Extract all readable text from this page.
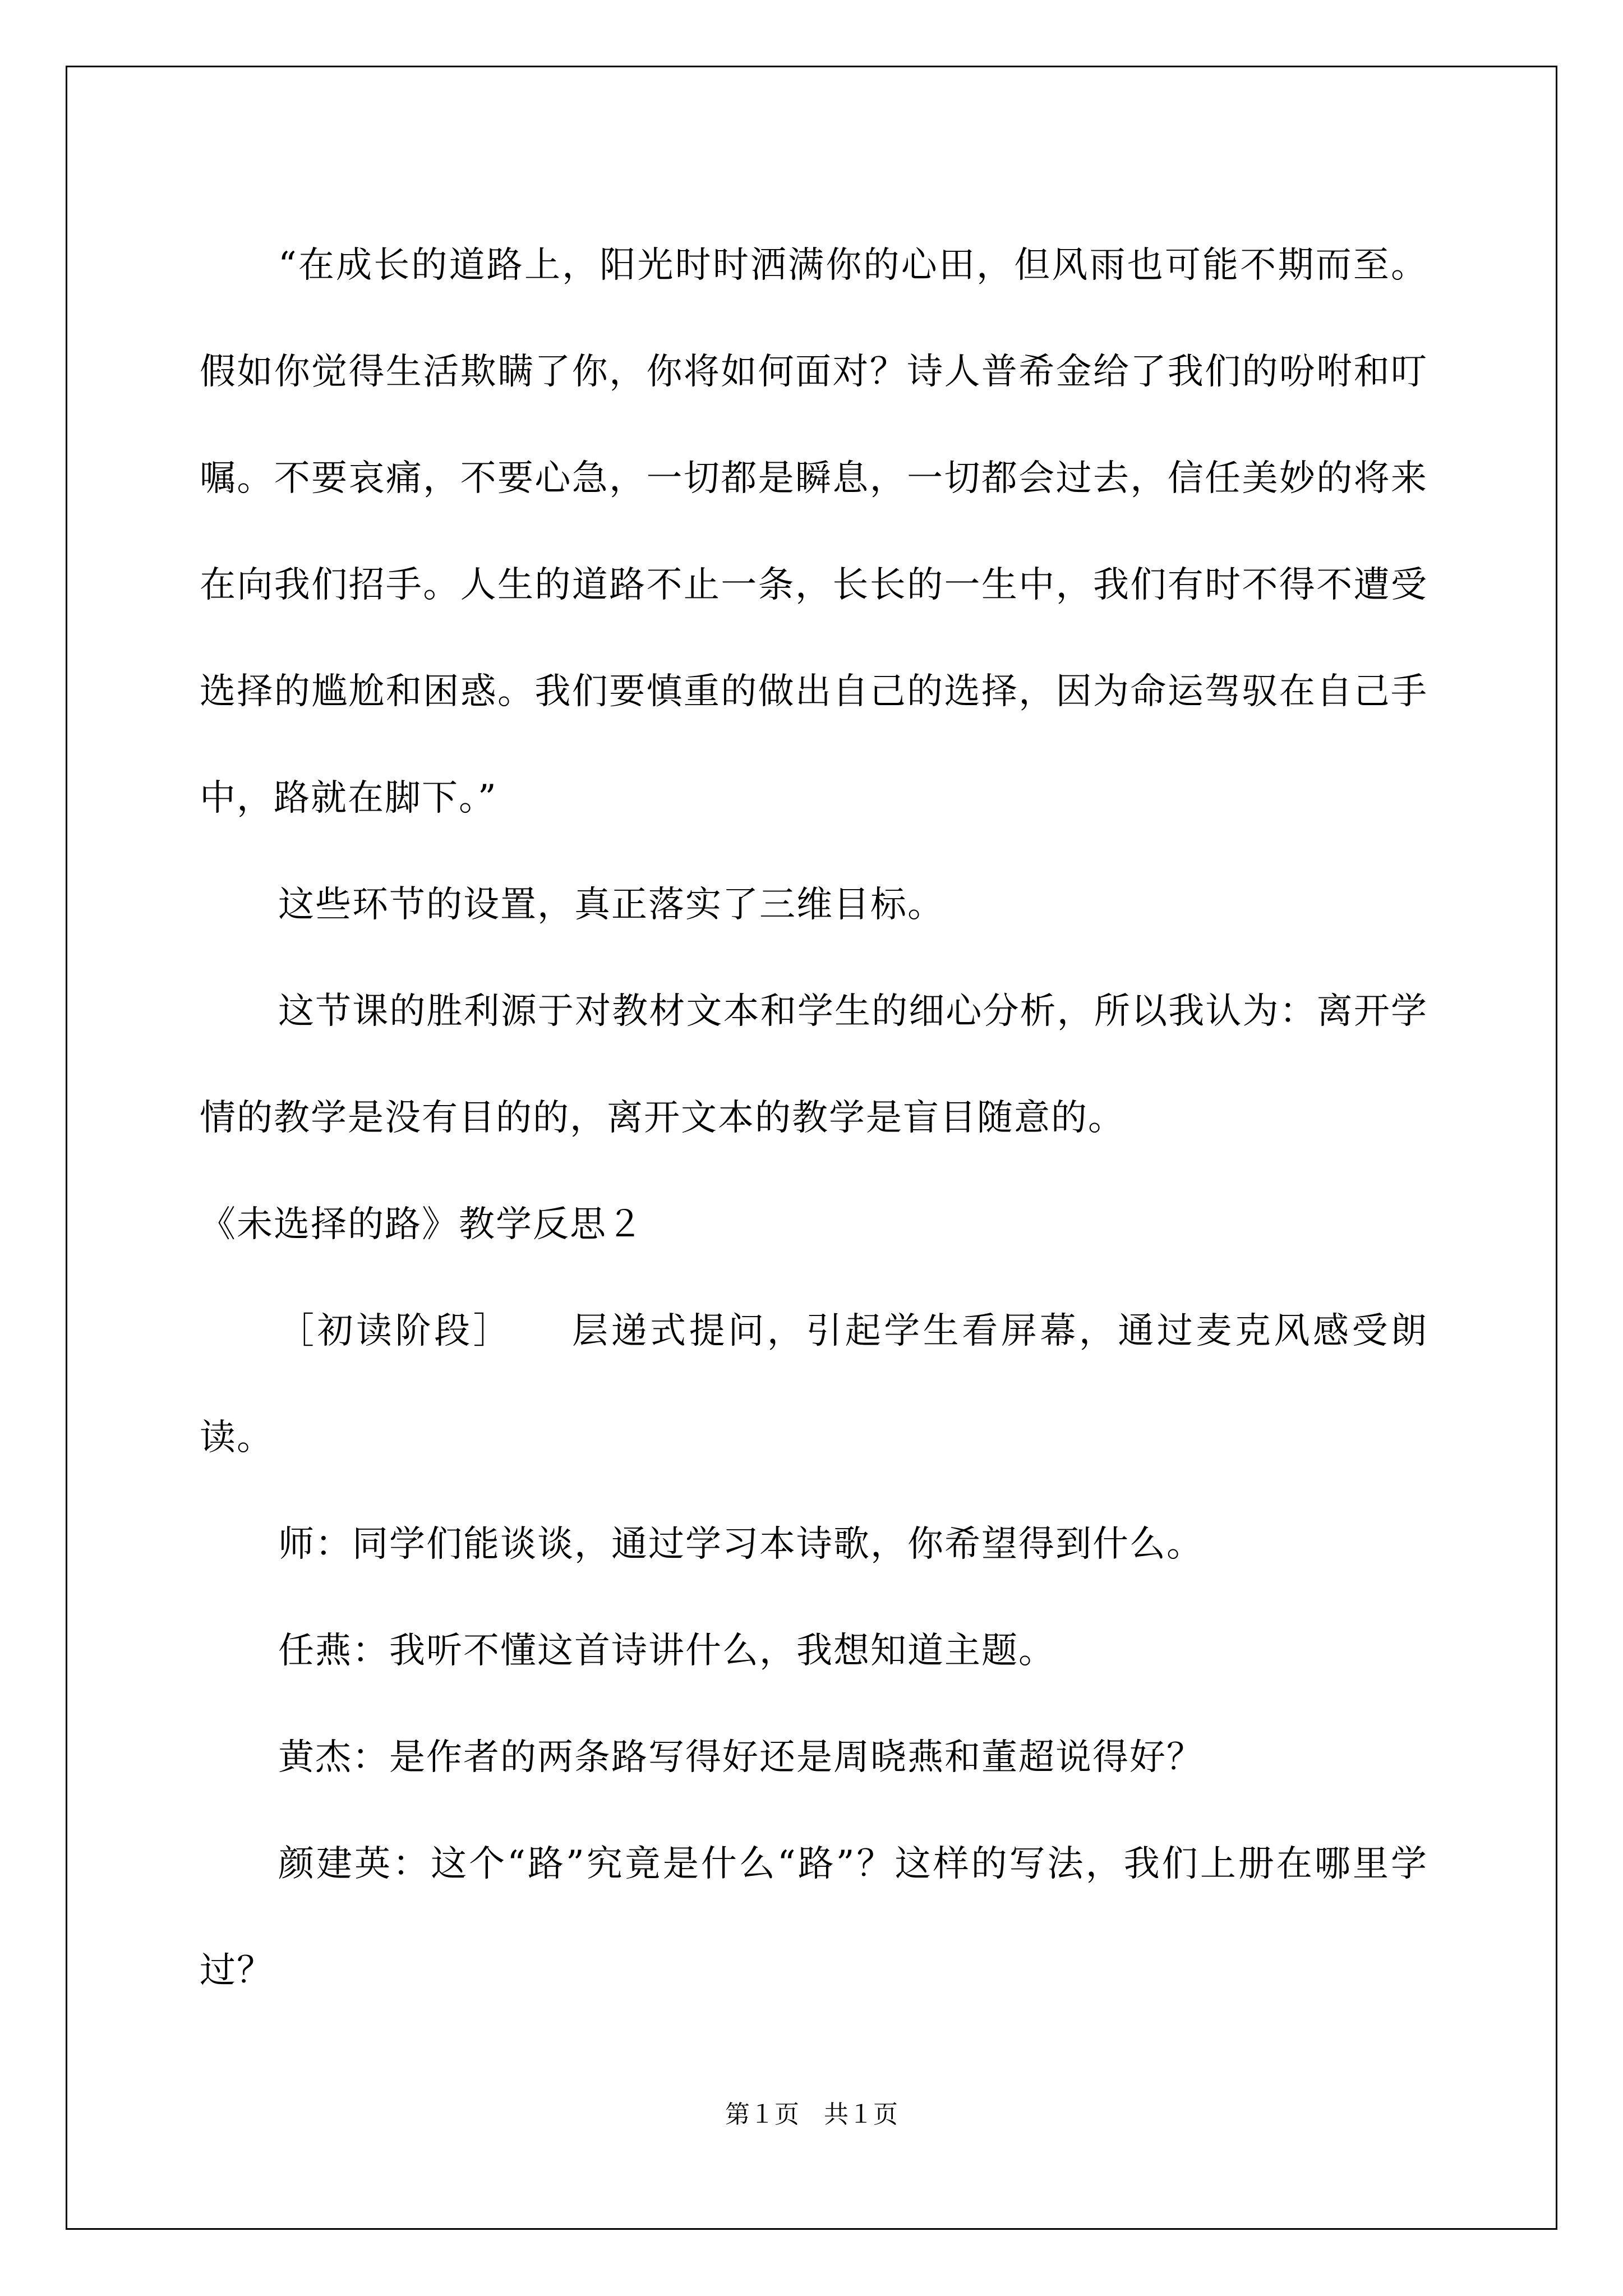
“在成长的道路上，阳光时时洒满你的心田，但风雨也可能不期而至。假如你觉得生活欺瞒了你，你将如何面对？诗人普希金给了我们的吩咐和叮嘱。不要哀痛，不要心急，一切都是瞬息，一切都会过去，信任美妙的将来在向我们招手。人生的道路不止一条，长长的一生中，我们有时不得不遭受选择的尴尬和困惑。我们要慎重的做出自己的选择，因为命运驾驭在自己手中，路就在脚下。”

这些环节的设置，真正落实了三维目标。

这节课的胜利源于对教材文本和学生的细心分析，所以我认为：离开学情的教学是没有目的的，离开文本的教学是盲目随意的。

《未选择的路》教学反思２

［初读阶段］　　层递式提问，引起学生看屏幕，通过麦克风感受朗读。

师：同学们能谈谈，通过学习本诗歌，你希望得到什么。

任燕：我听不懂这首诗讲什么，我想知道主题。

黄杰：是作者的两条路写得好还是周晓燕和董超说得好？

颜建英：这个“路”究竟是什么“路”？这样的写法，我们上册在哪里学过？

第１页　共１页
